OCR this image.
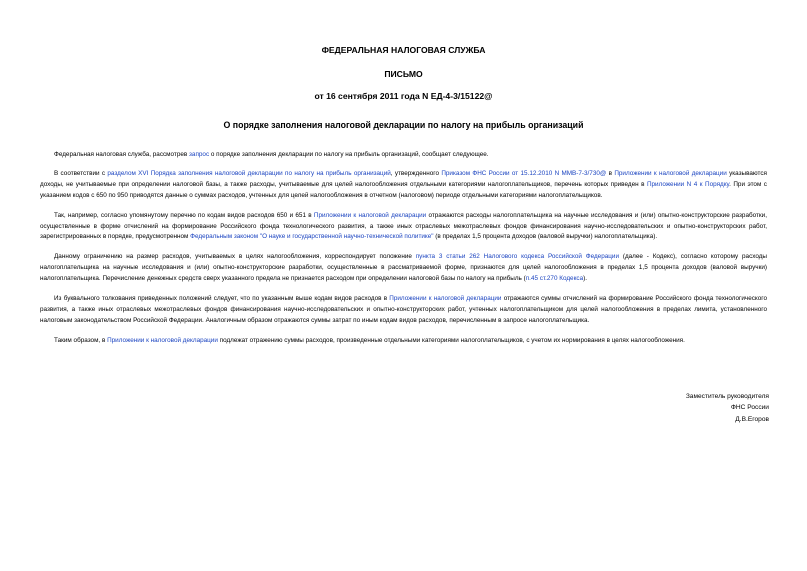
ФЕДЕРАЛЬНАЯ НАЛОГОВАЯ СЛУЖБА
ПИСЬМО
от 16 сентября 2011 года N ЕД-4-3/15122@
О порядке заполнения налоговой декларации по налогу на прибыль организаций

Федеральная налоговая служба, рассмотрев запрос о порядке заполнения декларации по налогу на прибыль организаций, сообщает следующее.

В соответствии с разделом XVI Порядка заполнения налоговой декларации по налогу на прибыль организаций, утвержденного Приказом ФНС России от 15.12.2010 N ММВ-7-3/730@ в Приложении к налоговой декларации указываются доходы, не учитываемые при определении налоговой базы, а также расходы, учитываемые для целей налогообложения отдельными категориями налогоплательщиков, перечень которых приведен в Приложении N 4 к Порядку. При этом с указанием кодов с 650 по 950 приводятся данные о суммах расходов, учтенных для целей налогообложения в отчетном (налоговом) периоде отдельными категориями налогоплательщиков.

Так, например, согласно упомянутому перечню по кодам видов расходов 650 и 651 в Приложении к налоговой декларации отражаются расходы налогоплательщика на научные исследования и (или) опытно-конструкторские разработки, осуществленные в форме отчислений на формирование Российского фонда технологического развития, а также иных отраслевых межотраслевых фондов финансирования научно-исследовательских и опытно-конструкторских работ, зарегистрированных в порядке, предусмотренном Федеральным законом "О науке и государственной научно-технической политике" (в пределах 1,5 процента доходов (валовой выручки) налогоплательщика).

Данному ограничению на размер расходов, учитываемых в целях налогообложения, корреспондирует положение пункта 3 статьи 262 Налогового кодекса Российской Федерации (далее - Кодекс), согласно которому расходы налогоплательщика на научные исследования и (или) опытно-конструкторские разработки, осуществленные в рассматриваемой форме, признаются для целей налогообложения в пределах 1,5 процента доходов (валовой выручки) налогоплательщика. Перечисление денежных средств сверх указанного предела не признается расходом при определении налоговой базы по налогу на прибыль (п.45 ст.270 Кодекса).

Из буквального толкования приведенных положений следует, что по указанным выше кодам видов расходов в Приложении к налоговой декларации отражаются суммы отчислений на формирование Российского фонда технологического развития, а также иных отраслевых межотраслевых фондов финансирования научно-исследовательских и опытно-конструкторских работ, учтенных налогоплательщиком для целей налогообложения в пределах лимита, установленного налоговым законодательством Российской Федерации. Аналогичным образом отражаются суммы затрат по иным кодам видов расходов, перечисленным в запросе налогоплательщика.

Таким образом, в Приложении к налоговой декларации подлежат отражению суммы расходов, произведенные отдельными категориями налогоплательщиков, с учетом их нормирования в целях налогообложения.

Заместитель руководителя
ФНС России
Д.В.Егоров
